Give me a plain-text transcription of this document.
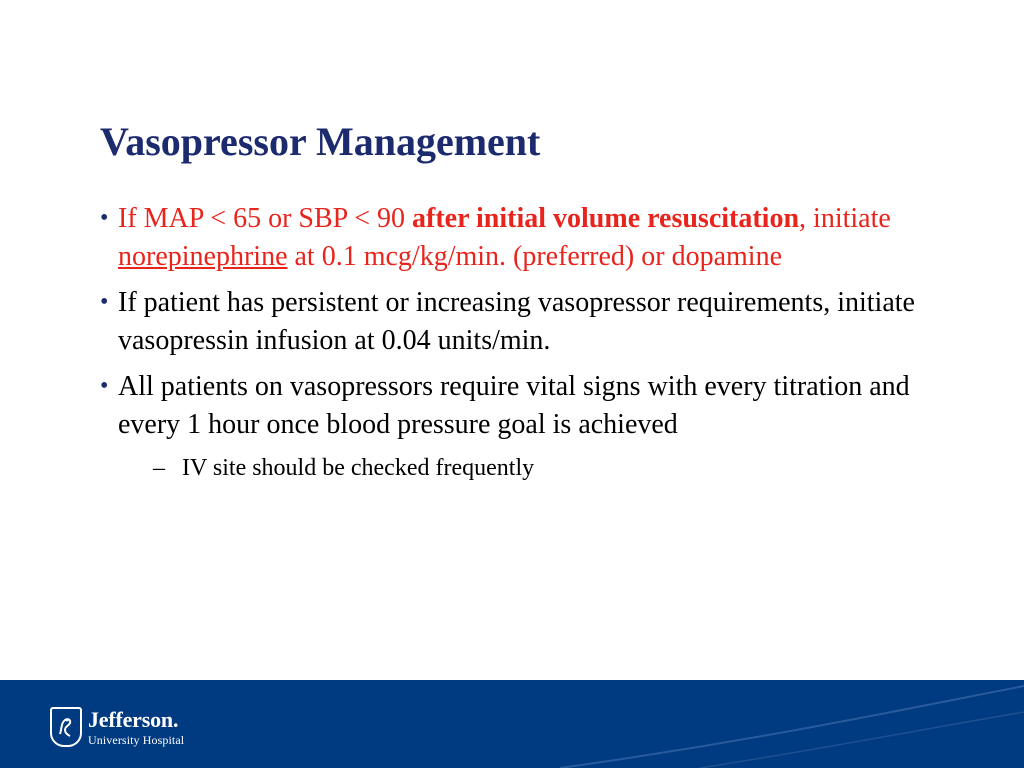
Vasopressor Management
• If MAP < 65 or SBP < 90 after initial volume resuscitation, initiate norepinephrine at 0.1 mcg/kg/min. (preferred) or dopamine
• If patient has persistent or increasing vasopressor requirements, initiate vasopressin infusion at 0.04 units/min.
• All patients on vasopressors require vital signs with every titration and every 1 hour once blood pressure goal is achieved
– IV site should be checked frequently
Jefferson.
University Hospital
